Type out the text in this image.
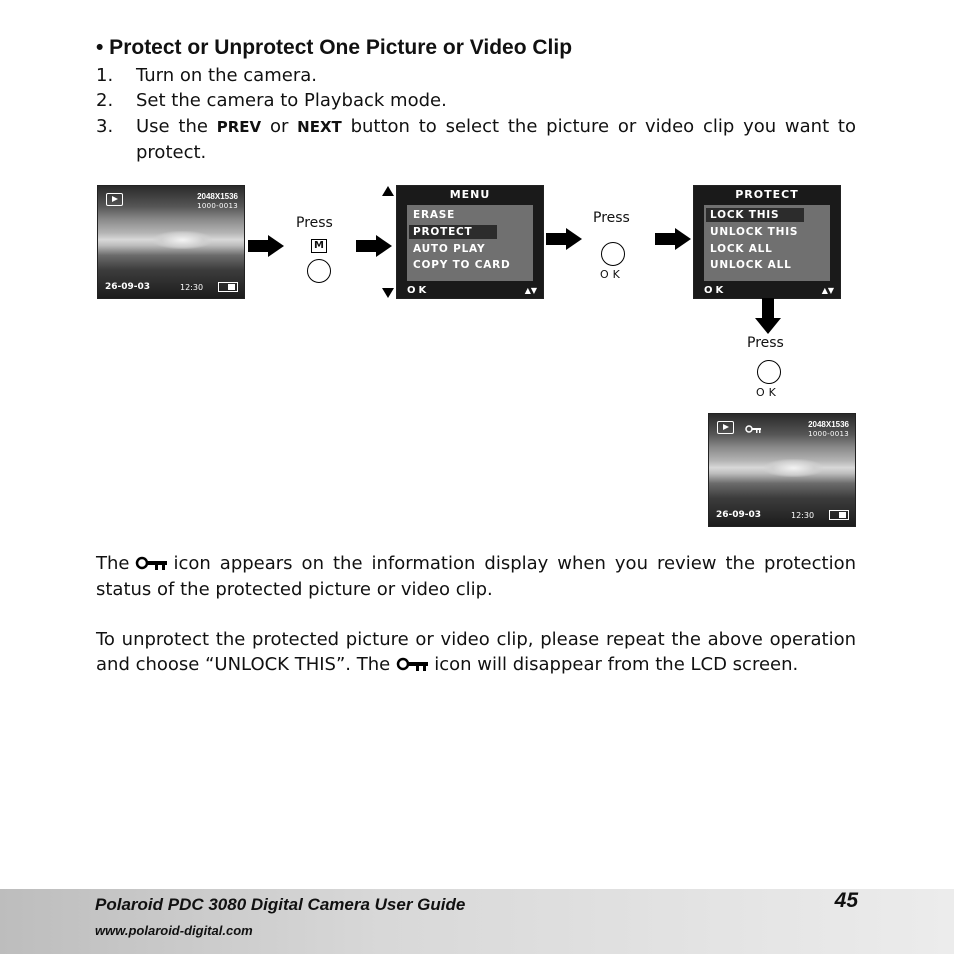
• Protect or Unprotect One Picture or Video Clip
1. Turn on the camera.
2. Set the camera to Playback mode.
3. Use the PREV or NEXT button to select the picture or video clip you want to protect.
2048X1536
1000-0013
26-09-03	12:30
Press
M
MENU
ERASE
PROTECT
AUTO PLAY
COPY TO CARD
OK	▲▼
Press
OK
PROTECT
LOCK THIS
UNLOCK THIS
LOCK ALL
UNLOCK ALL
OK	▲▼
Press
OK
2048X1536
1000-0013
26-09-03	12:30
The icon appears on the information display when you review the protection status of the protected picture or video clip.
To unprotect the protected picture or video clip, please repeat the above operation and choose “UNLOCK THIS”. The icon will disappear from the LCD screen.
Polaroid PDC 3080 Digital Camera User Guide
www.polaroid-digital.com
45
